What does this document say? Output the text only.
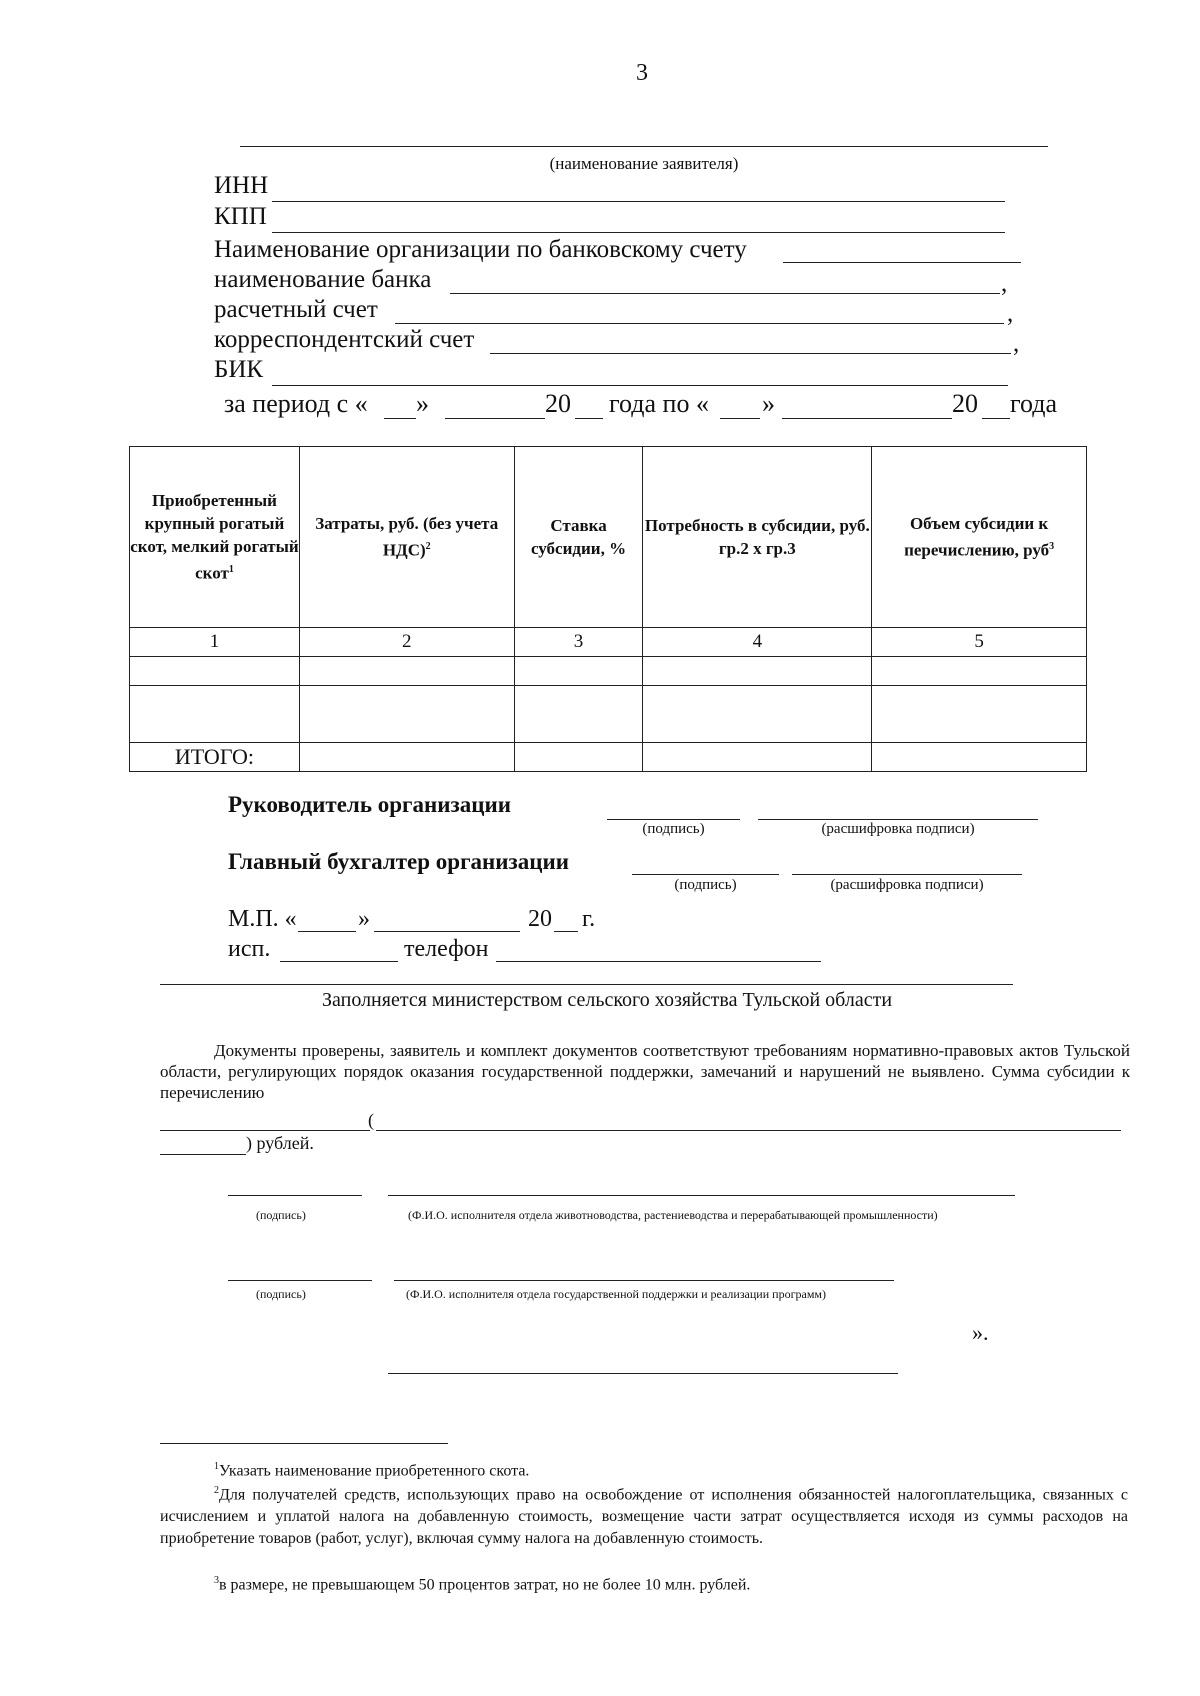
3
(наименование заявителя)
ИНН
КПП
Наименование организации по банковскому счету
наименование банка	,
расчетный счет	,
корреспондентский счет	,
БИК
за период с « »	20 года по « »	20 года
Приобретенный крупный рогатый скот, мелкий рогатый скот$^1$	Затраты, руб. (без учета НДС)$^2$	Ставка субсидии, %	Потребность в субсидии, руб. гр.2 х гр.3	Объем субсидии к перечислению, руб$^3$
1	2	3	4	5

ИТОГО:				
Руководитель организации
(подпись)	(расшифровка подписи)
Главный бухгалтер организации
(подпись)	(расшифровка подписи)
М.П. «	»	20 г.
исп.	телефон
Заполняется министерством сельского хозяйства Тульской области
Документы проверены, заявитель и комплект документов соответствуют требованиям нормативно-правовых актов Тульской области, регулирующих порядок оказания государственной поддержки, замечаний и нарушений не выявлено. Сумма субсидии к перечислению
(
) рублей.
(подпись)	(Ф.И.О. исполнителя отдела животноводства, растениеводства и перерабатывающей промышленности)
(подпись)	(Ф.И.О. исполнителя отдела государственной поддержки и реализации программ)
».
$^1$Указать наименование приобретенного скота.
$^2$Для получателей средств, использующих право на освобождение от исполнения обязанностей налогоплательщика, связанных с исчислением и уплатой налога на добавленную стоимость, возмещение части затрат осуществляется исходя из суммы расходов на приобретение товаров (работ, услуг), включая сумму налога на добавленную стоимость.
$^3$в размере, не превышающем 50 процентов затрат, но не более 10 млн. рублей.
